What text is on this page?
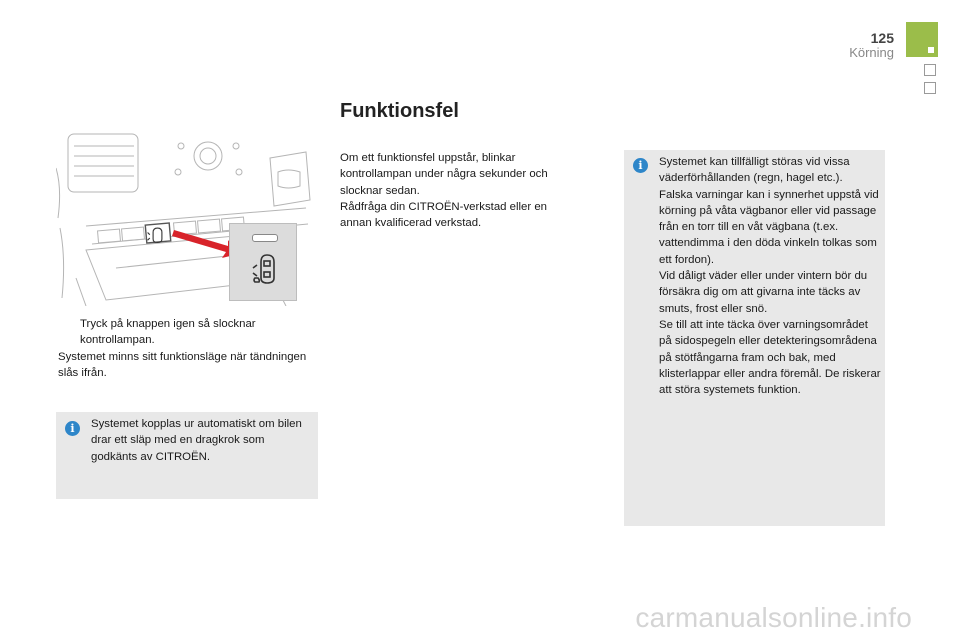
125
Körning
Tryck på knappen igen så slocknar kontrollampan.

Systemet minns sitt funktionsläge när tändningen slås ifrån.

i	Systemet kopplas ur automatiskt om bilen drar ett släp med en dragkrok som godkänts av CITROËN.
Funktionsfel

Om ett funktionsfel uppstår, blinkar kontrollampan under några sekunder och slocknar sedan.

Rådfråga din CITROËN-verkstad eller en annan kvalificerad verkstad.

i	Systemet kan tillfälligt störas vid vissa väderförhållanden (regn, hagel etc.).

Falska varningar kan i synnerhet uppstå vid körning på våta vägbanor eller vid passage från en torr till en våt vägbana (t.ex. vattendimma i den döda vinkeln tolkas som ett fordon).

Vid dåligt väder eller under vintern bör du försäkra dig om att givarna inte täcks av smuts, frost eller snö.

Se till att inte täcka över varningsområdet på sidospegeln eller detekteringsområdena på stötfångarna fram och bak, med klisterlappar eller andra föremål. De riskerar att störa systemets funktion.

carmanualsonline.info
